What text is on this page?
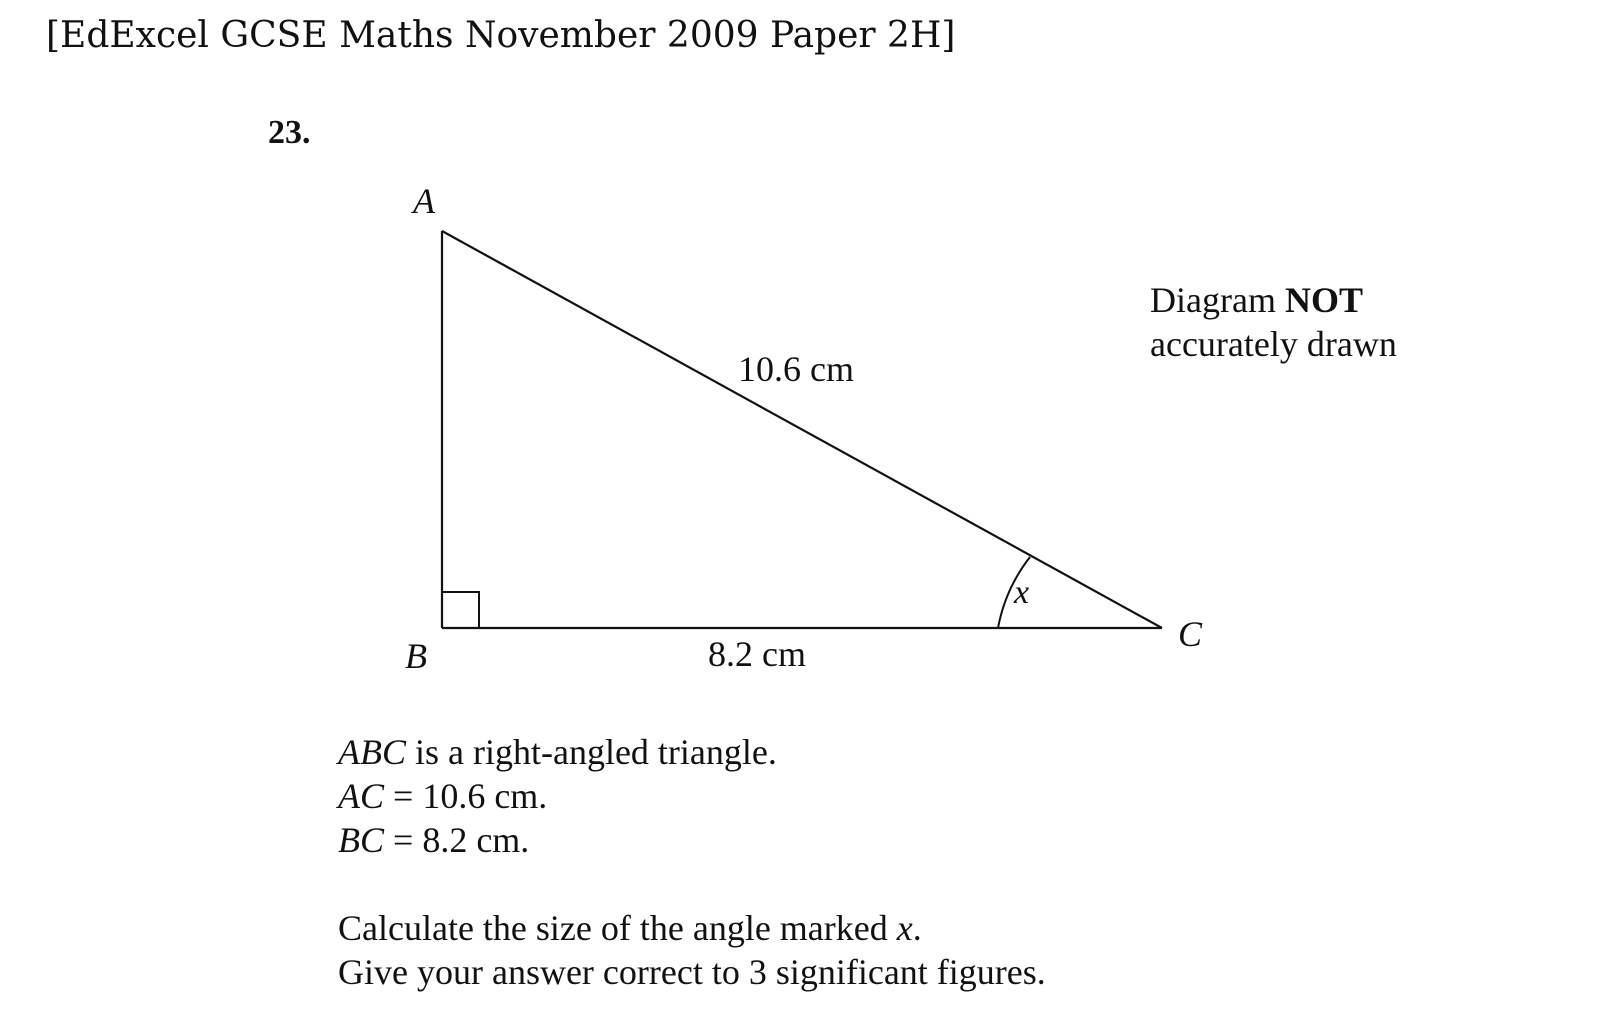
[EdExcel GCSE Maths November 2009 Paper 2H]
23.
A
B
C
10.6 cm
8.2 cm
x
Diagram NOT
accurately drawn
ABC is a right-angled triangle.
AC = 10.6 cm.
BC = 8.2 cm.
Calculate the size of the angle marked x.
Give your answer correct to 3 significant figures.
